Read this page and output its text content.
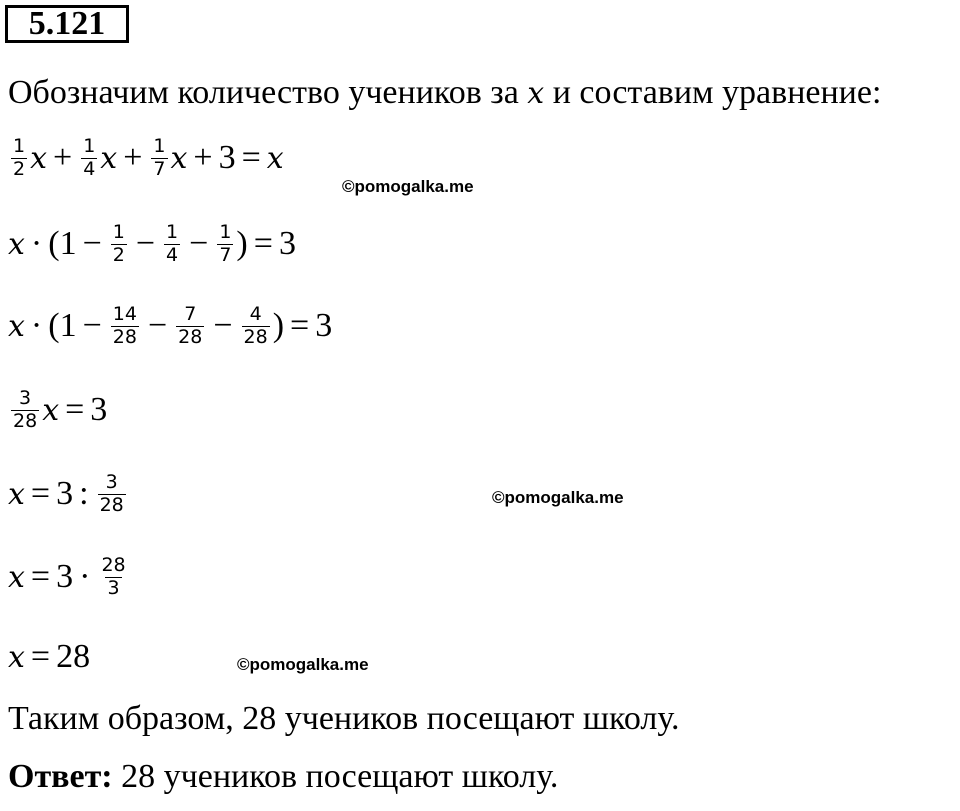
5.121
Обозначим количество учеников за x и составим уравнение:
$\frac{1}{2}$ $x + \frac{1}{4}$ $x + \frac{1}{7}$ x + 3 = x
©pomogalka.me
$x \cdot (1 - \frac{1}{2} - \frac{1}{4} - \frac{1}{7}$ ) = 3
$x \cdot (1 - \frac{14}{28} - \frac{7}{28} - \frac{4}{28}$ ) = 3
$\frac{3}{28}$ x = 3
x = 3 : $\frac{3}{28}$	©pomogalka.me
$x = 3 \cdot \frac{28}{3}$
x = 28	©pomogalka.me
Таким образом, 28 учеников посещают школу.
Ответ: 28 учеников посещают школу.
